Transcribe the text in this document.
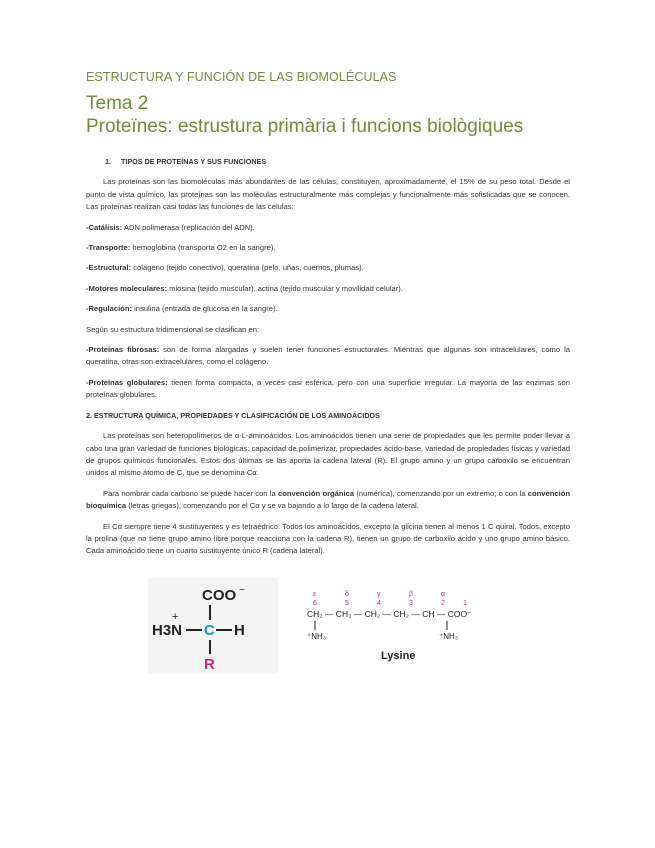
ESTRUCTURA Y FUNCIÓN DE LAS BIOMOLÉCULAS
Tema 2
Proteïnes: estrustura primària i funcions biològiques
1. TIPOS DE PROTEÍNAS Y SUS FUNCIONES

Las proteínas son las biomoléculas más abundantes de las células, constituyen, aproximadamente, el 15% de su peso total. Desde el punto de vista químico, las proteínas son las moléculas estructuralmente más complejas y funcionalmente más sofisticadas que se conocen. Las proteínas realizan casi todas las funciones de las células:

-Catálisis: ADN polimerasa (replicación del ADN).
-Transporte: hemoglobina (transporta O2 en la sangre).
-Estructural: colágeno (tejido conectivo), queratina (pelo, uñas, cuernos, plumas).
-Motores moleculares: miosina (tejido muscular), actina (tejido muscular y movilidad celular).
-Regulación: insulina (entrada de glucosa en la sangre).

Según su estructura tridimensional se clasifican en:

-Proteínas fibrosas: son de forma alargadas y suelen tener funciones estructurales. Mientras que algunas son intracelulares, como la queratina, otras son extracelulares, como el colágeno.
-Proteínas globulares: tienen forma compacta, a veces casi esférica, pero con una superficie irregular. La mayoría de las enzimas son proteínas globulares.
2. ESTRUCTURA QUÍMICA, PROPIEDADES Y CLASIFICACIÓN DE LOS AMINOÁCIDOS

Las proteínas son heteropolímeros de α-L-aminoácidos. Los aminoácidos tienen una serie de propiedades que les permite poder llevar a cabo una gran variedad de funciones biológicas: capacidad de polimerizar, propiedades ácido-base, variedad de propiedades físicas y variedad de grupos químicos funcionales. Estos dos últimas se las aporta la cadena lateral (R). El grupo amino y un grupo carboxilo se encuentran unidos al mismo átomo de C, que se denomina Cα.

Para nombrar cada carbono se puede hacer con la convención orgánica (numérica), comenzando por un extremo; o con la convención bioquímica (letras griegas), comenzando por el Cα y se va bajando a lo largo de la cadena lateral.

El Cα siempre tiene 4 sustituyentes y es tetraédrico. Todos los aminoácidos, excepto la glicina tienen al menos 1 C quiral. Todos, excepto la prolina (que no tiene grupo amino libre porque reacciona con la cadena R), tienen un grupo de carboxilo ácido y uno grupo amino básico. Cada aminoácido tiene un cuarto sustituyente único R (cadena lateral).

COO −
+
H3N C H
R
ε	δ	γ	β	α
6	5	4	3	2	1
CH₂ — CH₂ — CH₂ — CH₂ — CH — COO⁻
⁺NH₃	⁺NH₃
Lysine
